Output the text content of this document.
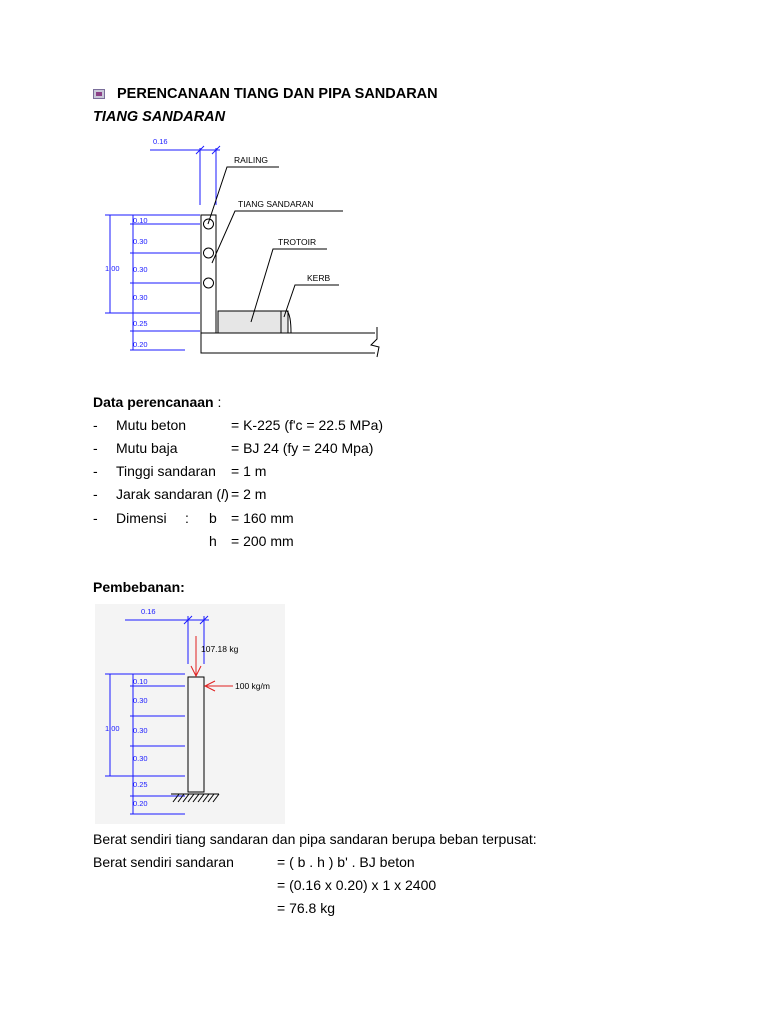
PERENCANAAN TIANG DAN PIPA SANDARAN
TIANG SANDARAN
RAILING
TIANG SANDARAN
TROTOIR
KERB
0.16
1.00
0.10
0.30
0.30
0.30
0.25
0.20
Data perencanaan :
- Mutu beton	= K-225 (f'c = 22.5 MPa)
- Mutu baja	= BJ 24 (fy = 240 Mpa)
- Tinggi sandaran = 1 m
- Jarak sandaran (l) = 2 m
- Dimensi : b = 160 mm
h = 200 mm
Pembebanan:
107.18 kg
100 kg/m
0.16
1.00
0.10
0.30
0.30
0.30
0.25
0.20
Berat sendiri tiang sandaran dan pipa sandaran berupa beban terpusat:
Berat sendiri sandaran	= ( b . h ) b' . BJ beton
= (0.16 x 0.20) x 1 x 2400
= 76.8 kg
